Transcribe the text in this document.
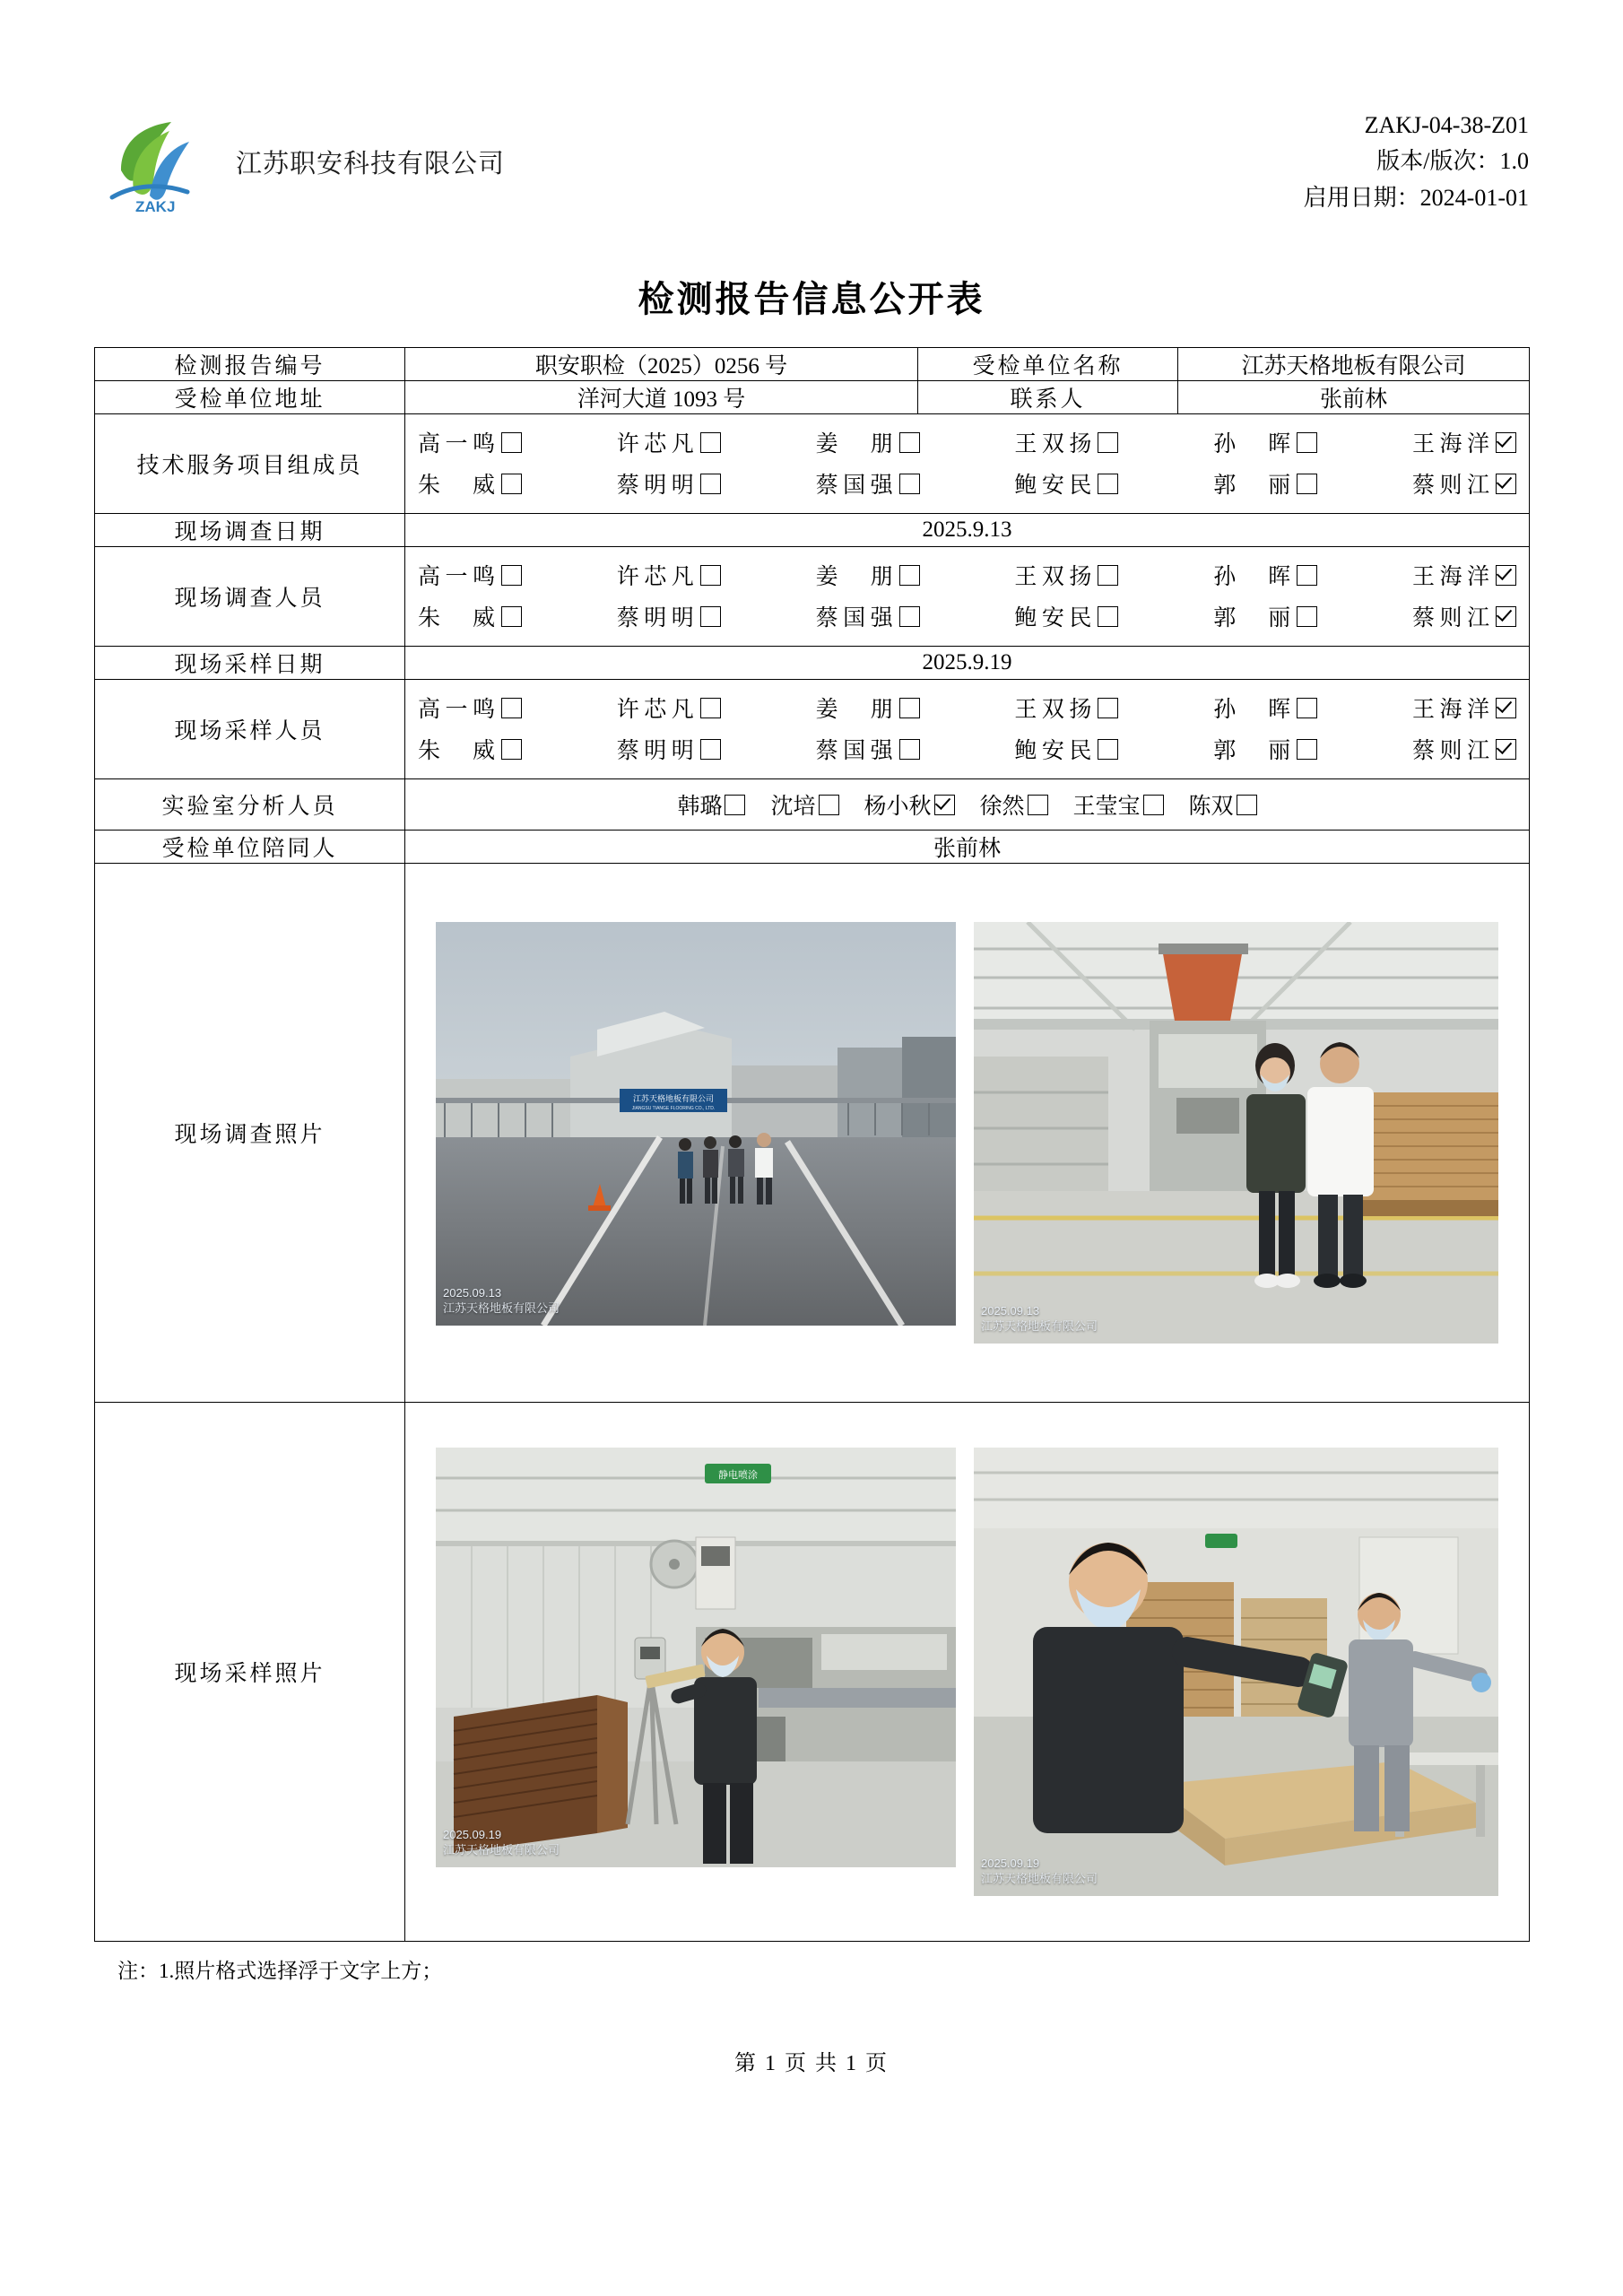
ZAKJ
江苏职安科技有限公司
ZAKJ-04-38-Z01
版本/版次：1.0
启用日期：2024-01-01
检测报告信息公开表
检测报告编号	职安职检（2025）0256 号	受检单位名称	江苏天格地板有限公司
受检单位地址	洋河大道 1093 号	联系人	张前林
技术服务项目组成员	
高一鸣	许芯凡	姜 朋	王双扬	孙 晖	王海洋
朱 威	蔡明明	蔡国强	鲍安民	郭 丽	蔡则江

现场调查日期	2025.9.13		
现场调查人员	
高一鸣	许芯凡	姜 朋	王双扬	孙 晖	王海洋
朱 威	蔡明明	蔡国强	鲍安民	郭 丽	蔡则江

现场采样日期	2025.9.19		
现场采样人员	
高一鸣	许芯凡	姜 朋	王双扬	孙 晖	王海洋
朱 威	蔡明明	蔡国强	鲍安民	郭 丽	蔡则江

实验室分析人员	韩璐 沈培 杨小秋 徐然 王莹宝 陈双

受检单位陪同人	张前林		
现场调查照片	
江苏天格地板有限公司
JIANGSU TIANGE FLOORING CO., LTD.
2025.09.13
江苏天格地板有限公司	2025.09.13
江苏天格地板有限公司

现场采样照片	静电喷涂
2025.09.19
江苏天格地板有限公司
2025.09.19
江苏天格地板有限公司		
注：1.照片格式选择浮于文字上方；
第 1 页 共 1 页
